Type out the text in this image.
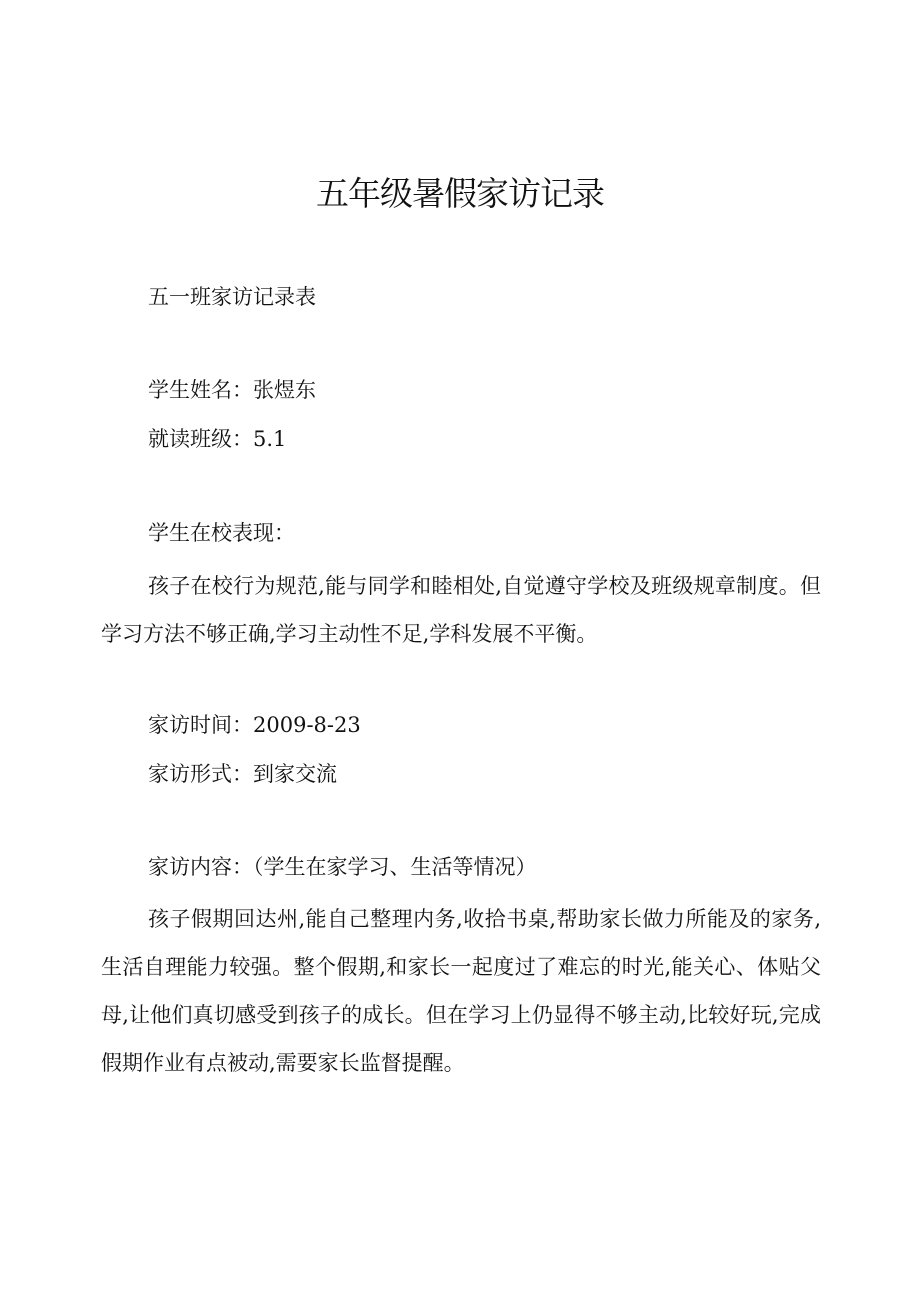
五年级暑假家访记录

五一班家访记录表

学生姓名：张煜东

就读班级：5.1

学生在校表现：

孩子在校行为规范,能与同学和睦相处,自觉遵守学校及班级规章制度。但学习方法不够正确,学习主动性不足,学科发展不平衡。

家访时间：2009-8-23

家访形式：到家交流

家访内容：（学生在家学习、生活等情况）

孩子假期回达州,能自己整理内务,收拾书桌,帮助家长做力所能及的家务,生活自理能力较强。整个假期,和家长一起度过了难忘的时光,能关心、体贴父母,让他们真切感受到孩子的成长。但在学习上仍显得不够主动,比较好玩,完成假期作业有点被动,需要家长监督提醒。
